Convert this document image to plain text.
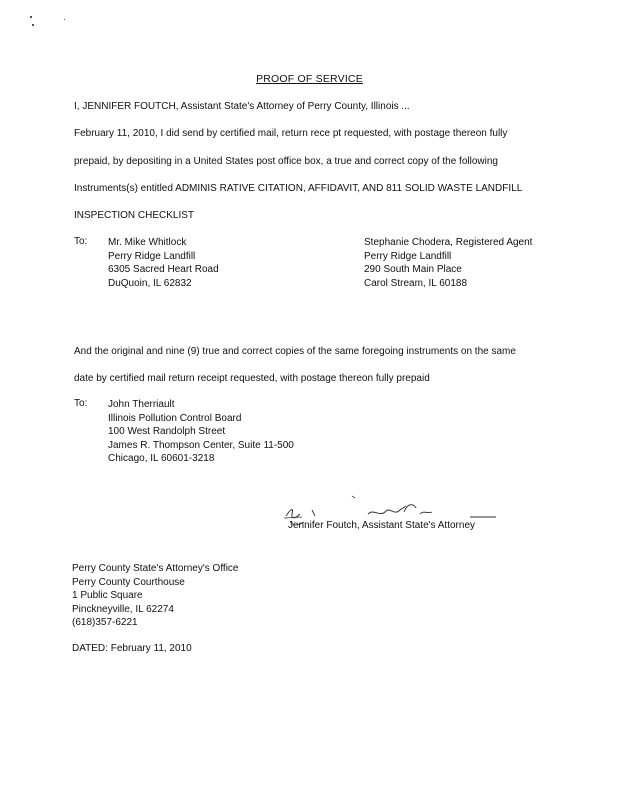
PROOF OF SERVICE
I, JENNIFER FOUTCH, Assistant State's Attorney of Perry County, Illinois ...
February 11, 2010, I did send by certified mail, return rece pt requested, with postage thereon fully
prepaid, by depositing in a United States post office box, a true and correct copy of the following
Instruments(s) entitled ADMINIS RATIVE CITATION, AFFIDAVIT, AND 811 SOLID WASTE LANDFILL
INSPECTION CHECKLIST
To: Mr. Mike Whitlock
Perry Ridge Landfill
6305 Sacred Heart Road
DuQuoin, IL 62832
Stephanie Chodera, Registered Agent
Perry Ridge Landfill
290 South Main Place
Carol Stream, IL 60188
And the original and nine (9) true and correct copies of the same foregoing instruments on the same
date by certified mail return receipt requested, with postage thereon fully prepaid
To: John Therriault
Illinois Pollution Control Board
100 West Randolph Street
James R. Thompson Center, Suite 11-500
Chicago, IL 60601-3218
Jennifer Foutch, Assistant State's Attorney
Perry County State's Attorney's Office
Perry County Courthouse
1 Public Square
Pinckneyville, IL 62274
(618)357-6221
DATED: February 11, 2010
